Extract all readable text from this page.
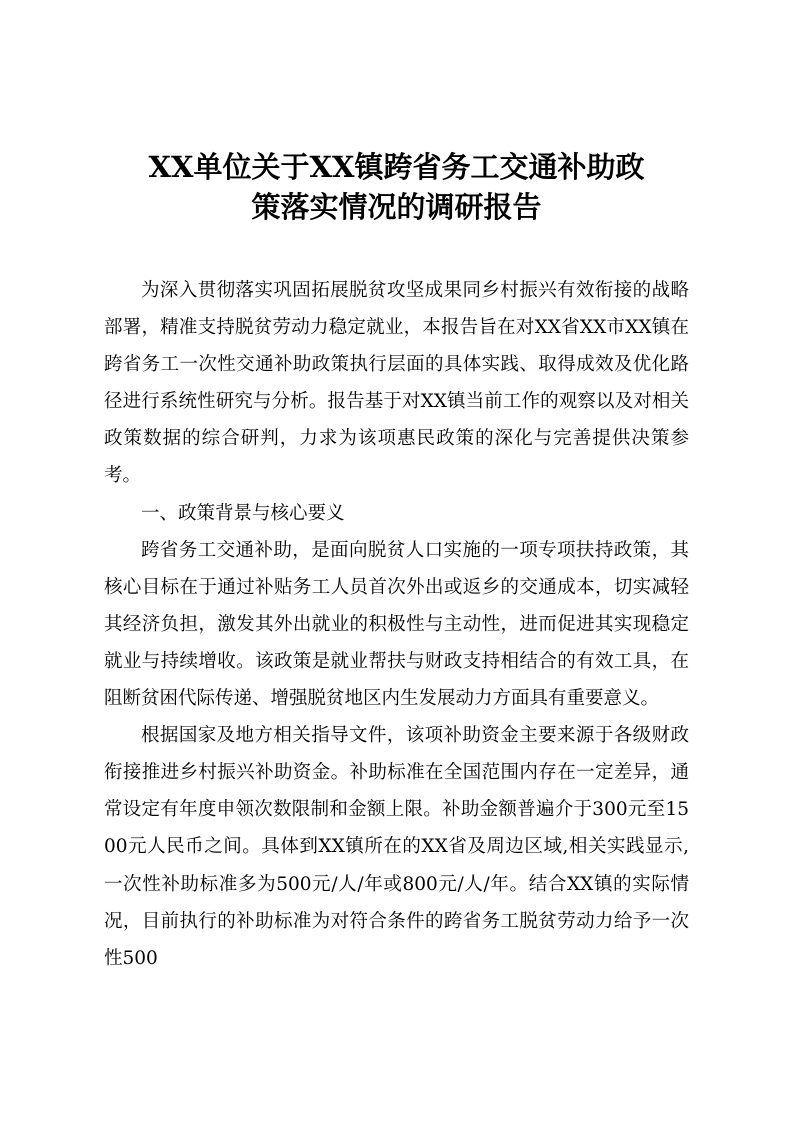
XX单位关于XX镇跨省务工交通补助政
策落实情况的调研报告

为深入贯彻落实巩固拓展脱贫攻坚成果同乡村振兴有效衔接的战略部署，精准支持脱贫劳动力稳定就业，本报告旨在对XX省XX市XX镇在跨省务工一次性交通补助政策执行层面的具体实践、取得成效及优化路径进行系统性研究与分析。报告基于对XX镇当前工作的观察以及对相关政策数据的综合研判，力求为该项惠民政策的深化与完善提供决策参考。

一、政策背景与核心要义

跨省务工交通补助，是面向脱贫人口实施的一项专项扶持政策，其核心目标在于通过补贴务工人员首次外出或返乡的交通成本，切实减轻其经济负担，激发其外出就业的积极性与主动性，进而促进其实现稳定就业与持续增收。该政策是就业帮扶与财政支持相结合的有效工具，在阻断贫困代际传递、增强脱贫地区内生发展动力方面具有重要意义。

根据国家及地方相关指导文件，该项补助资金主要来源于各级财政衔接推进乡村振兴补助资金。补助标准在全国范围内存在一定差异，通常设定有年度申领次数限制和金额上限。补助金额普遍介于300元至1500元人民币之间。具体到XX镇所在的XX省及周边区域,相关实践显示,一次性补助标准多为500元/人/年或800元/人/年。结合XX镇的实际情况，目前执行的补助标准为对符合条件的跨省务工脱贫劳动力给予一次性500
